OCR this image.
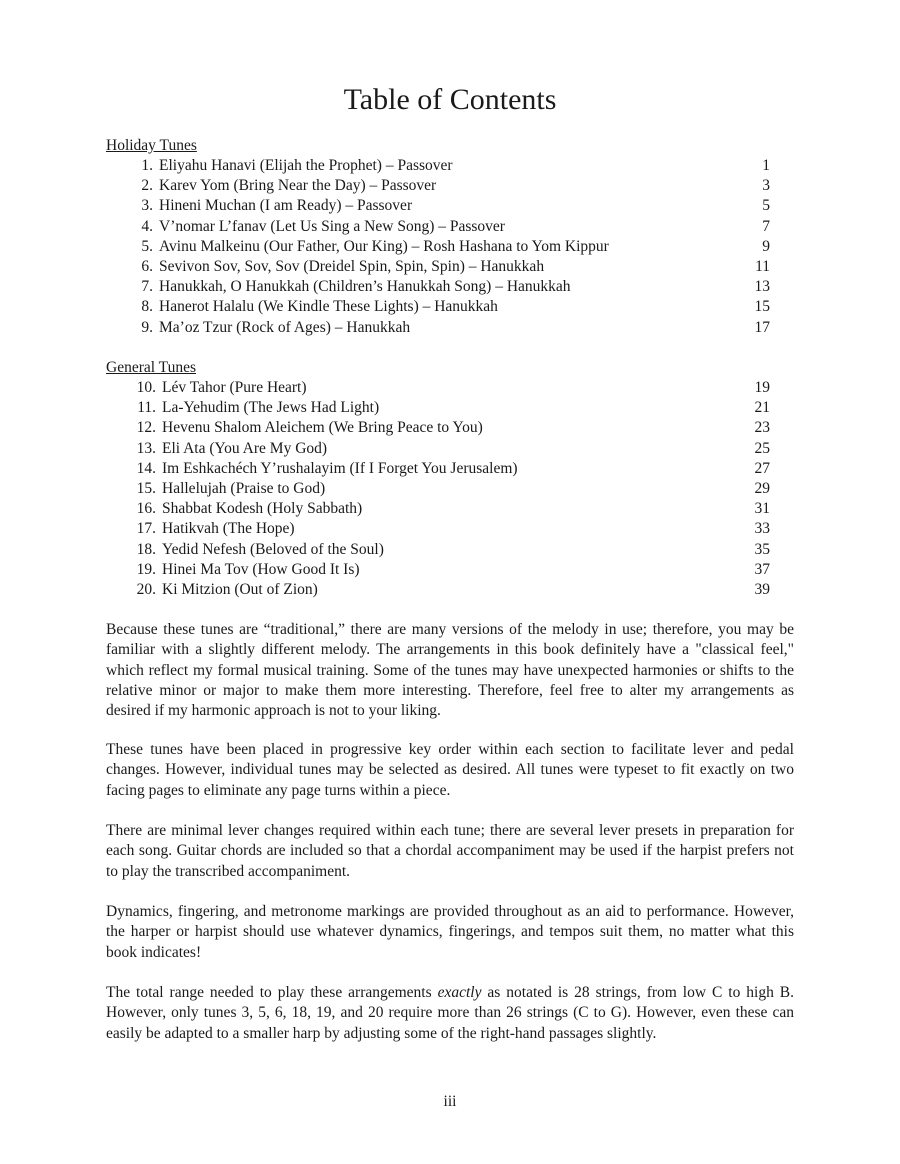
Table of Contents
Holiday Tunes
1. Eliyahu Hanavi (Elijah the Prophet) – Passover	1
2. Karev Yom (Bring Near the Day) – Passover	3
3. Hineni Muchan (I am Ready) – Passover	5
4. V’nomar L’fanav (Let Us Sing a New Song) – Passover	7
5. Avinu Malkeinu (Our Father, Our King) – Rosh Hashana to Yom Kippur	9
6. Sevivon Sov, Sov, Sov (Dreidel Spin, Spin, Spin) – Hanukkah	11
7. Hanukkah, O Hanukkah (Children’s Hanukkah Song) – Hanukkah	13
8. Hanerot Halalu (We Kindle These Lights) – Hanukkah	15
9. Ma’oz Tzur (Rock of Ages) – Hanukkah	17
General Tunes
10. Lév Tahor (Pure Heart)	19
11. La-Yehudim (The Jews Had Light)	21
12. Hevenu Shalom Aleichem (We Bring Peace to You)	23
13. Eli Ata (You Are My God)	25
14. Im Eshkachéch Y’rushalayim (If I Forget You Jerusalem)	27
15. Hallelujah (Praise to God)	29
16. Shabbat Kodesh (Holy Sabbath)	31
17. Hatikvah (The Hope)	33
18. Yedid Nefesh (Beloved of the Soul)	35
19. Hinei Ma Tov (How Good It Is)	37
20. Ki Mitzion (Out of Zion)	39

Because these tunes are “traditional,” there are many versions of the melody in use; therefore, you may be familiar with a slightly different melody. The arrangements in this book definitely have a "classical feel," which reflect my formal musical training. Some of the tunes may have unexpected harmonies or shifts to the relative minor or major to make them more interesting. Therefore, feel free to alter my arrangements as desired if my harmonic approach is not to your liking.

These tunes have been placed in progressive key order within each section to facilitate lever and pedal changes. However, individual tunes may be selected as desired. All tunes were typeset to fit exactly on two facing pages to eliminate any page turns within a piece.

There are minimal lever changes required within each tune; there are several lever presets in preparation for each song. Guitar chords are included so that a chordal accompaniment may be used if the harpist prefers not to play the transcribed accompaniment.

Dynamics, fingering, and metronome markings are provided throughout as an aid to performance. However, the harper or harpist should use whatever dynamics, fingerings, and tempos suit them, no matter what this book indicates!

The total range needed to play these arrangements exactly as notated is 28 strings, from low C to high B. However, only tunes 3, 5, 6, 18, 19, and 20 require more than 26 strings (C to G). However, even these can easily be adapted to a smaller harp by adjusting some of the right-hand passages slightly.

iii
